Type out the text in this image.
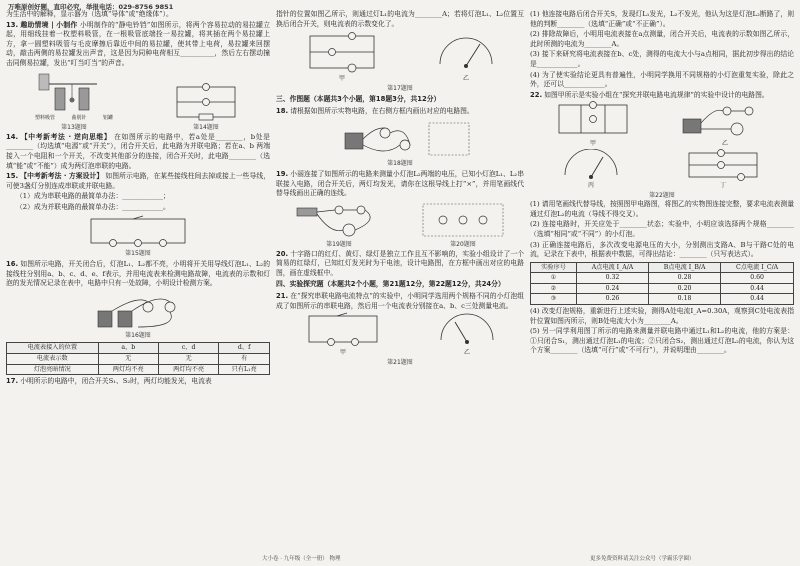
万唯原创好题，直印必究，举报电话：029-8756 9851

为生活中的解释，显示器为（选填“导体”或“绝缘体”）。

13. 趣助情境 | 小制作 小明制作的“静电铃铛”如图所示，将两个容易拉动的易拉罐立起，用细线挂着一枚塑料吸管，在一根吸管底端拴一易拉罐，将其插在两个易拉罐上方，拿一圆塑料吸管与毛皮摩擦后靠近中间的易拉罐，使其带上电荷，易拉罐来回摆动，敲击两侧的易拉罐发出声音，这是因为同种电荷相互__________，然后左右摆动撞击同侧易拉罐，发出“叮当叮当”的声音。

塑料吸管	曲别针	铝罐
第13题图	第14题图

14. 【中考新考法 · 逆向思维】 在如图所示的电路中，若a处是________，b处是________（均选填“电源”或“开关”），闭合开关后，此电路为并联电路；若在a、b 两端接入一个电阻和一个开关，不改变其他部分的连接，闭合开关时，此电路________（选填“能”或“不能”）成为两灯泡串联的电路。

15. 【中考新考法 · 方案设计】 如图所示电路，在某些接线柱间去掉或接上一些导线，可使3盏灯分别连成串联或并联电路。

（1）成为串联电路的最简单办法：____________；

（2）成为并联电路的最简单办法：____________。

第15题图

16. 如图所示电路，开关闭合后，灯泡L₁、L₂都不亮，小明将开关用导线灯泡L₁、L₂的接线柱分别用a、b、c、d、e、f表示，并用电流表来检测电路故障，电流表的示数和灯泡的发光情况记录在表中，电路中只有一处故障，小明设计检测方案。

第16题图
电流表接入的位置	a、b	c、d	d、f
电流表示数	无	无	有
灯泡亮暗情况	两灯均不亮	两灯均不亮	只有L₁亮

17. 小明所示的电路中，闭合开关S₁、S₂时，两灯均能发光，电流表

指针的位置如图乙所示，则通过灯L₁的电流为________A；若将灯泡L₁、L₂位置互换后闭合开关，则电流表的示数变化了。

甲	乙
第17题图
三、作图题（本题共3个小题，第18题3分，共12分）

18. 请根据如图所示实物电路，在右侧方框内画出对应的电路图。

第18题图

19. 小丽连接了如图所示的电路来测量小灯泡L₂两端的电压，已知小灯泡L₁、L₂串联接入电路，闭合开关后，两灯均发光，请你在这根导线上打“×”，并用笔画线代替导线画出正确的连线。

第19题图	第20题图

20. 十字路口的红灯、黄灯、绿灯是独立工作且互不影响的，实验小组设计了一个简易的红绿灯，已知红灯发光时为干电池，设计电路图，在方框中画出对应的电路图，画在虚线框中。

四、实验探究题（本题共2个小题，第21题12分，第22题12分，共24分）

21. 在“探究串联电路电流特点”的实验中，小明同学选用两个规格不同的小灯泡组成了如图所示的串联电路，然后用一个电流表分别接在a、b、c三处测量电流。

甲	乙
第21题图

(1) 他连接电路后闭合开关S，发现灯L₁发光，L₂不发光，他认为这是灯泡L₂断路了，则他的判断________（选填“正确”或“不正确”）。

(2) 排除故障后，小明用电流表接在a点测量，闭合开关后，电流表的示数如图乙所示，此时所测的电流为________A。

(3) 接下来研究将电流表接在b、c处，测得的电流大小与a点相同，据此初步得出的结论是____________。

(4) 为了使实验结论更具有普遍性，小明同学换用不同规格的小灯泡重复实验，除此之外，还可以____________。

22. 如图甲所示是实验小组在“探究并联电路电流规律”的实验中设计的电路图。

甲	乙
丙	丁
第22题图

(1) 请用笔画线代替导线，按照图甲电路图，将图乙的实物图连接完整，要求电流表测量通过灯泡L₂的电流（导线不得交叉）。

(2) 连接电路时，开关应处于________状态；实验中，小明应该选择两个规格________（选填“相同”或“不同”）的小灯泡。

(3) 正确连接电路后，多次改变电源电压的大小，分别测出支路A、B与干路C处的电流，记录在下表中，根据表中数据，可得出结论：________（只写表达式）。

实验序号	A点电流 I_A/A	B点电流 I_B/A	C点电流 I_C/A
①	0.32	0.28	0.60
②	0.24	0.20	0.44
③	0.26	0.18	0.44

(4) 改变灯泡规格，重新进行上述实验，测得A处电流I_A=0.30A，观察到C处电流表指针位置如图丙所示，则B处电流大小为________A。

(5) 另一同学利用图丁所示的电路来测量并联电路中通过L₁和L₂的电流，他的方案是：①只闭合S₁，测出通过灯泡L₁的电流；②只闭合S₂，测出通过灯泡L₂的电流，你认为这个方案________（选填“可行”或“不可行”），并说明理由________。

大小卷 · 九年级（全一册） 物理	更多免费资料请关注公众号（学霸乐学圈）
